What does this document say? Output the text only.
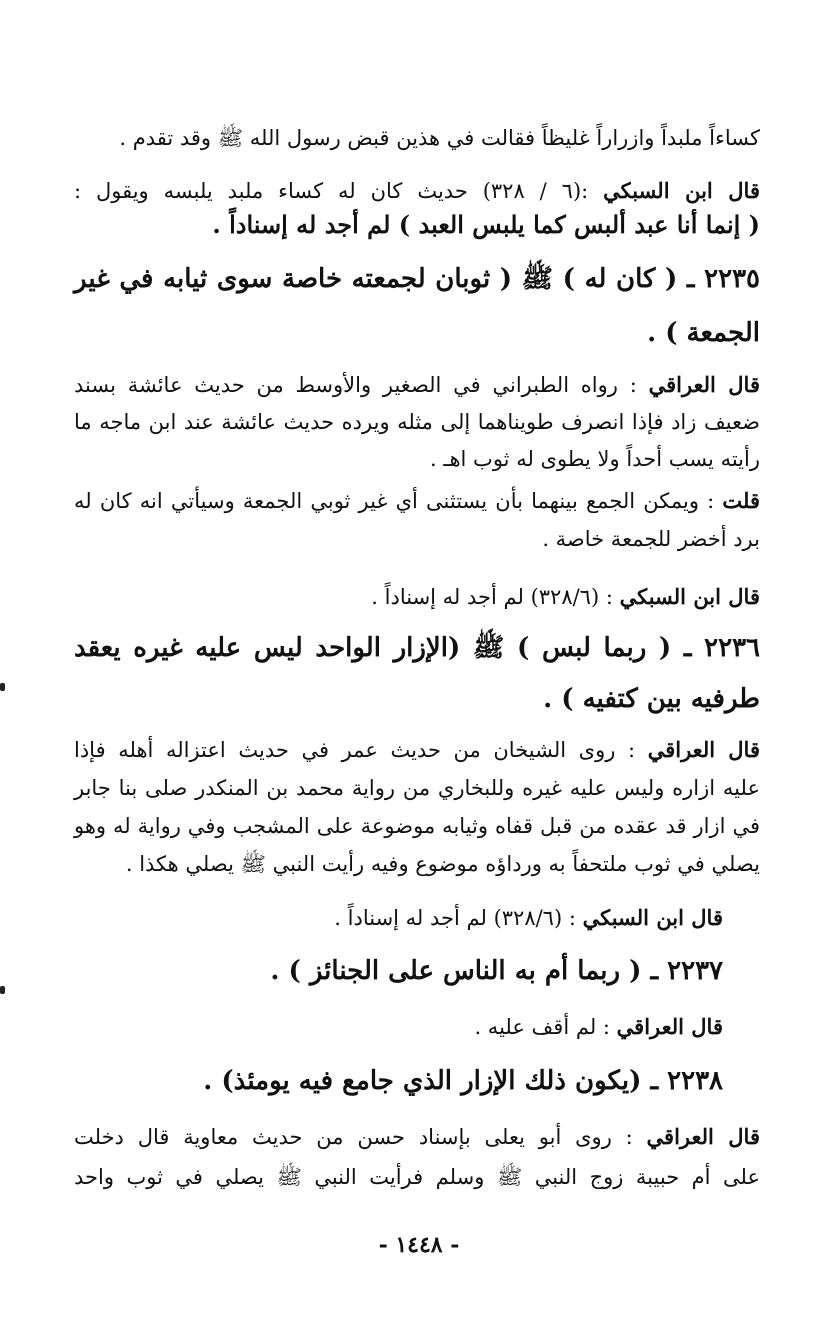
كساءاً ملبداً وازراراً غليظاً فقالت في هذين قبض رسول الله ﷺ وقد تقدم .
قال ابن السبكي :(٦ / ٣٢٨) حديث كان له كساء ملبد يلبسه ويقول :
( إنما أنا عبد ألبس كما يلبس العبد ) لم أجد له إسناداً .
٢٢٣٥ ـ ( كان له ) ﷺ ( ثوبان لجمعته خاصة سوى ثيابه في غير
الجمعة ) .
قال العراقي : رواه الطبراني في الصغير والأوسط من حديث عائشة بسند
ضعيف زاد فإذا انصرف طويناهما إلى مثله ويرده حديث عائشة عند ابن ماجه ما
رأيته يسب أحداً ولا يطوى له ثوب اهـ .
قلت : ويمكن الجمع بينهما بأن يستثنى أي غير ثوبي الجمعة وسيأتي انه كان له
برد أخضر للجمعة خاصة .
قال ابن السبكي : (٣٢٨/٦) لم أجد له إسناداً .
٢٢٣٦ ـ ( ربما لبس ) ﷺ (الإزار الواحد ليس عليه غيره يعقد
طرفيه بين كتفيه ) .
قال العراقي : روى الشيخان من حديث عمر في حديث اعتزاله أهله فإذا
عليه ازاره وليس عليه غيره وللبخاري من رواية محمد بن المنكدر صلى بنا جابر
في ازار قد عقده من قبل قفاه وثيابه موضوعة على المشجب وفي رواية له وهو
يصلي في ثوب ملتحفاً به ورداؤه موضوع وفيه رأيت النبي ﷺ يصلي هكذا .
قال ابن السبكي : (٣٢٨/٦) لم أجد له إسناداً .
٢٢٣٧ ـ ( ربما أم به الناس على الجنائز ) .
قال العراقي : لم أقف عليه .
٢٢٣٨ ـ (يكون ذلك الإزار الذي جامع فيه يومئذ) .
قال العراقي : روى أبو يعلى بإسناد حسن من حديث معاوية قال دخلت
على أم حبيبة زوج النبي ﷺ وسلم فرأيت النبي ﷺ يصلي في ثوب واحد
- ١٤٤٨ -
